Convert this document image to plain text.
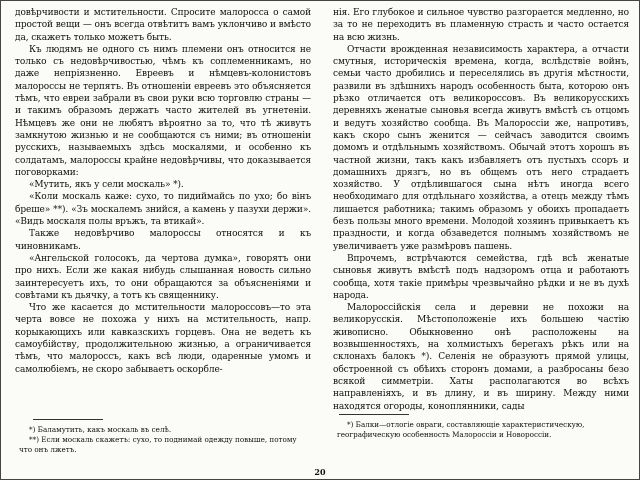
довѣрчивости и мстительности. Спросите малоросса о самой простой вещи — онъ всегда отвѣтитъ вамъ уклончиво и вмѣсто да, скажетъ только можетъ быть.

Къ людямъ не одного съ нимъ племени онъ относится не только съ недовѣрчивостью, чѣмъ къ соплеменникамъ, но даже непріязненно. Евреевъ и нѣмцевъ-колонистовъ малороссы не терпятъ. Въ отношеніи евреевъ это объясняется тѣмъ, что евреи забрали въ свои руки всю торговлю страны — и такимъ образомъ держатъ часто жителей въ угнетеніи. Нѣмцевъ же они не любятъ вѣроятно за то, что тѣ живутъ замкнутою жизнью и не сообщаются съ ними; въ отношеніи русскихъ, называемыхъ здѣсь москалями, и особенно къ солдатамъ, малороссы крайне недовѣрчивы, что доказывается поговорками:

«Мутить, якъ у сели москаль» *).

«Коли москаль каже: сухо, то пидиймайсь по ухо; бо вінъ бреше» **). «Зъ москалемъ знийся, а камень у пазухи держи». «Видъ москаля полы връжъ, та втикай».

Также недовѣрчиво малороссы относятся и къ чиновникамъ.

«Ангельской голосокъ, да чертова думка», говорятъ они про нихъ. Если же какая нибудь слышанная новость сильно заинтересуетъ ихъ, то они обращаются за объясненіями и совѣтами къ дьячку, а тотъ къ священнику.

Что же касается до мстительности малороссовъ—то эта черта вовсе не похожа у нихъ на мстительность, напр. корыкающихъ или кавказскихъ горцевъ. Она не ведетъ къ самоубійству, продолжительною жизнью, а ограничивается тѣмъ, что малороссъ, какъ всѣ люди, одаренные умомъ и самолюбіемъ, не скоро забываетъ оскорбле-

*) Баламутить, какъ москаль въ селѣ.

**) Если москаль скажетъ: сухо, то поднимай одежду повыше, потому что онъ лжетъ.

нія. Его глубокое и сильное чувство разгорается медленно, но за то не переходитъ въ пламенную страсть и часто остается на всю жизнь.

Отчасти врожденная независимость характера, а отчасти смутныя, историческія времена, когда, вслѣдствіе войнъ, семьи часто дробились и переселялись въ другія мѣстности, развили въ здѣшнихъ народъ особенность быта, которою онъ рѣзко отличается отъ великороссовъ. Въ великорусскихъ деревняхъ женатые сыновья всегда живутъ вмѣстѣ съ отцомъ и ведутъ хозяйство сообща. Въ Малороссіи же, напротивъ, какъ скоро сынъ женится — сейчасъ заводится своимъ домомъ и отдѣльнымъ хозяйствомъ. Обычай этотъ хорошъ въ частной жизни, такъ какъ избавляетъ отъ пустыхъ ссоръ и домашнихъ дрязгъ, но въ общемъ отъ него страдаетъ хозяйство. У отдѣлившагося сына нѣтъ иногда всего необходимаго для отдѣльнаго хозяйства, а отецъ между тѣмъ лишается работника; такимъ образомъ у обоихъ пропадаетъ безъ пользы много времени. Молодой хозяинъ привыкаетъ къ праздности, и когда обзаведется полнымъ хозяйствомъ не увеличиваетъ уже размѣровъ пашень.

Впрочемъ, встрѣчаются семейства, гдѣ всѣ женатые сыновья живутъ вмѣстѣ подъ надзоромъ отца и работаютъ сообща, хотя такіе примѣры чрезвычайно рѣдки и не въ духѣ народа.

Малороссійскія села и деревни не похожи на великорусскія. Мѣстоположеніе ихъ большею частію живописно. Обыкновенно онѣ расположены на возвышенностяхъ, на холмистыхъ берегахъ рѣкъ или на склонахъ балокъ *). Селенія не образуютъ прямой улицы, обстроенной съ обѣихъ сторонъ домами, а разбросаны безо всякой симметріи. Хаты располагаются во всѣхъ направленіяхъ, и въ длину, и въ ширину. Между ними находятся огороды, коноплянники, сады

*) Балки—отлогіе овраги, составляющіе характеристическую, географическую особенность Малороссіи и Новороссіи.

20
